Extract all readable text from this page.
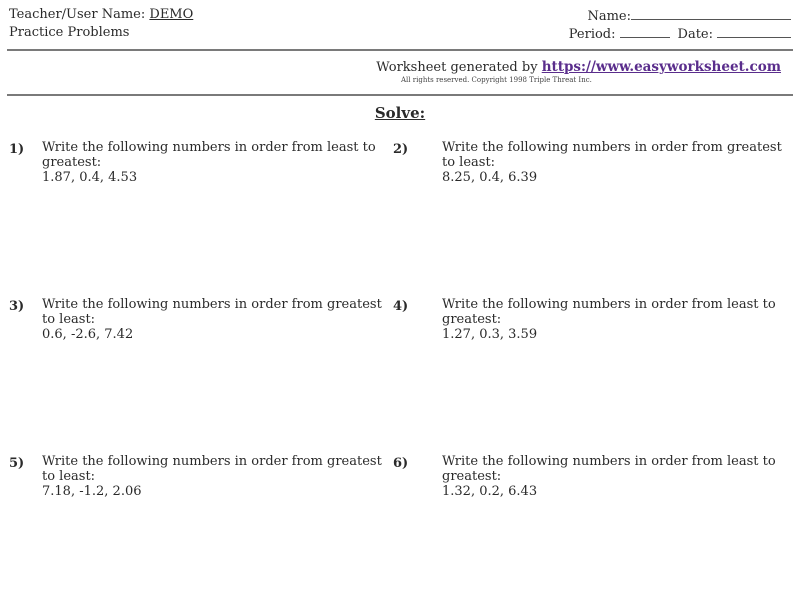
Teacher/User Name: DEMO
Practice Problems
Name:
Period:	Date:
Worksheet generated by https://www.easyworksheet.com
All rights reserved. Copyright 1998 Triple Threat Inc.
Solve:
1) Write the following numbers in order from least to greatest:
1.87, 0.4, 4.53
2)	Write the following numbers in order from greatest to least:
8.25, 0.4, 6.39
3) Write the following numbers in order from greatest to least:
0.6, -2.6, 7.42
4)	Write the following numbers in order from least to greatest:
1.27, 0.3, 3.59
5) Write the following numbers in order from greatest to least:
7.18, -1.2, 2.06
6)	Write the following numbers in order from least to greatest:
1.32, 0.2, 6.43
